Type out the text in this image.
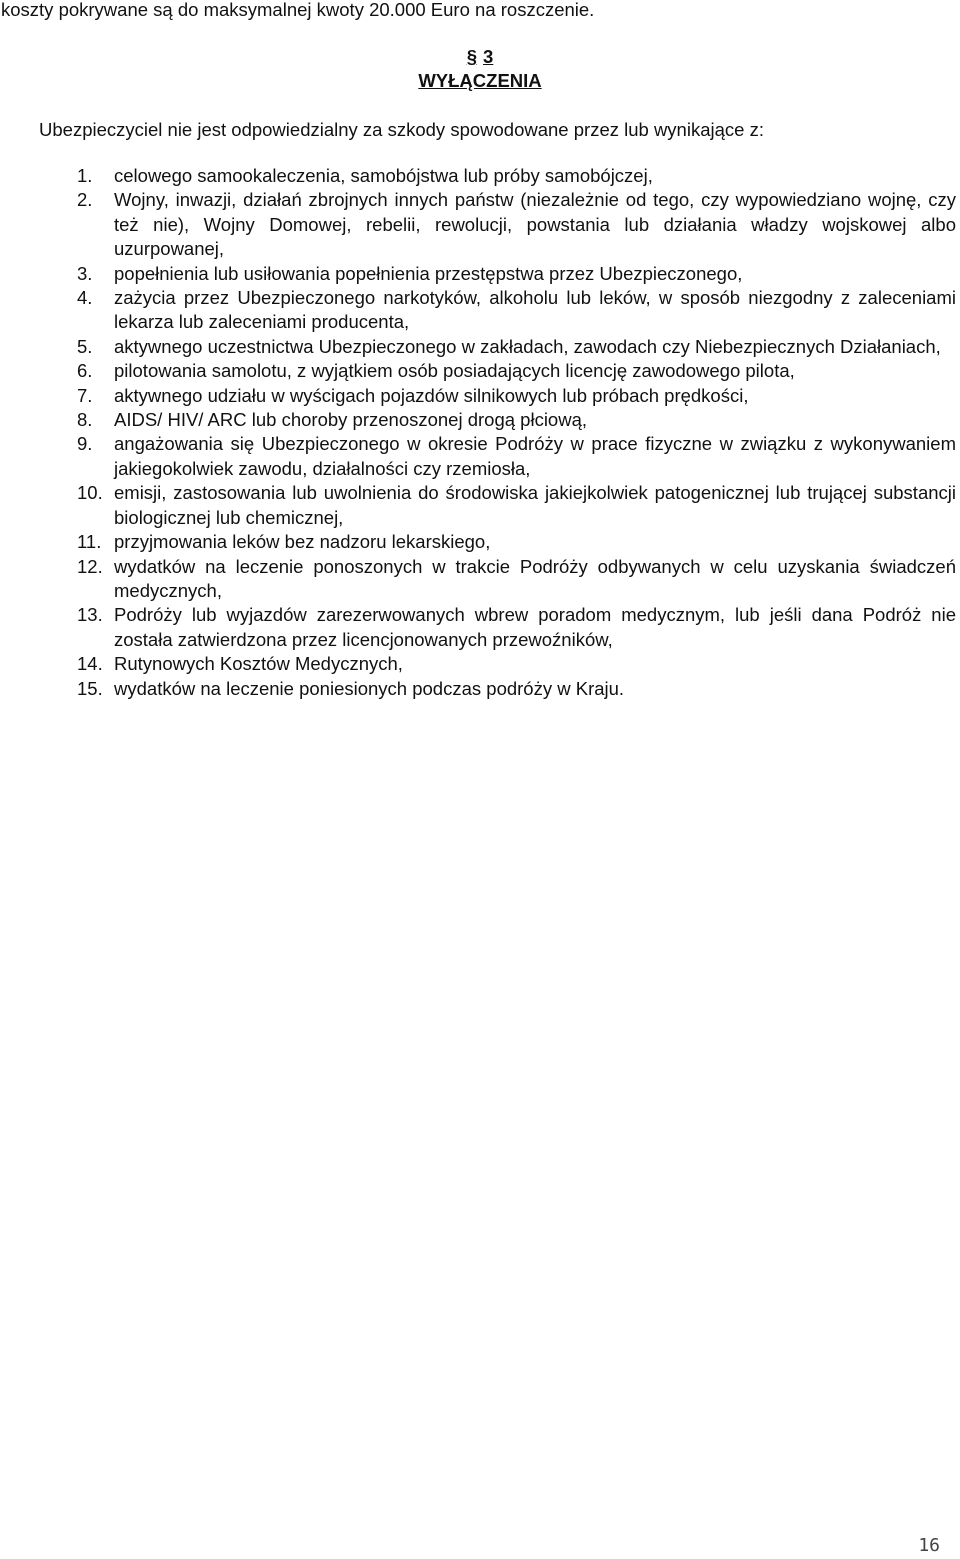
koszty pokrywane są do maksymalnej kwoty 20.000 Euro na roszczenie.

§ 3
WYŁĄCZENIA

Ubezpieczyciel nie jest odpowiedzialny za szkody spowodowane przez lub wynikające z:

1. celowego samookaleczenia, samobójstwa lub próby samobójczej,
2. Wojny, inwazji, działań zbrojnych innych państw (niezależnie od tego, czy wypowiedziano wojnę, czy też nie), Wojny Domowej, rebelii, rewolucji, powstania lub działania władzy wojskowej albo uzurpowanej,
3. popełnienia lub usiłowania popełnienia przestępstwa przez Ubezpieczonego,
4. zażycia przez Ubezpieczonego narkotyków, alkoholu lub leków, w sposób niezgodny z zaleceniami lekarza lub zaleceniami producenta,
5. aktywnego uczestnictwa Ubezpieczonego w zakładach, zawodach czy Niebezpiecznych Działaniach,
6. pilotowania samolotu, z wyjątkiem osób posiadających licencję zawodowego pilota,
7. aktywnego udziału w wyścigach pojazdów silnikowych lub próbach prędkości,
8. AIDS/ HIV/ ARC lub choroby przenoszonej drogą płciową,
9. angażowania się Ubezpieczonego w okresie Podróży w prace fizyczne w związku z wykonywaniem jakiegokolwiek zawodu, działalności czy rzemiosła,
10. emisji, zastosowania lub uwolnienia do środowiska jakiejkolwiek patogenicznej lub trującej substancji biologicznej lub chemicznej,
11. przyjmowania leków bez nadzoru lekarskiego,
12. wydatków na leczenie ponoszonych w trakcie Podróży odbywanych w celu uzyskania świadczeń medycznych,
13. Podróży lub wyjazdów zarezerwowanych wbrew poradom medycznym, lub jeśli dana Podróż nie została zatwierdzona przez licencjonowanych przewoźników,
14. Rutynowych Kosztów Medycznych,
15. wydatków na leczenie poniesionych podczas podróży w Kraju.
16
